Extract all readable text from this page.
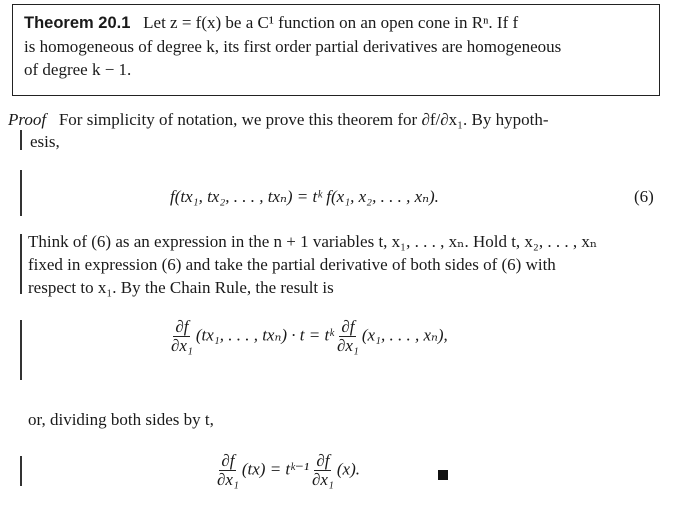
Theorem 20.1 Let z = f(x) be a C¹ function on an open cone in Rⁿ. If f
is homogeneous of degree k, its first order partial derivatives are homogeneous
of degree k − 1.
Proof For simplicity of notation, we prove this theorem for ∂f/∂x₁. By hypoth-
esis,
f(tx₁, tx₂, . . . , txₙ) = tᵏ f(x₁, x₂, . . . , xₙ).	(6)
Think of (6) as an expression in the n + 1 variables t, x₁, . . . , xₙ. Hold t, x₂, . . . , xₙ
fixed in expression (6) and take the partial derivative of both sides of (6) with
respect to x₁. By the Chain Rule, the result is
$\frac{\partial f}{\text{∂x₁}} (tx_1$, . . . , txₙ) · t = tᵏ $\frac{\partial f}{\text{∂x₁}} (x_1$, . . . , xₙ),
or, dividing both sides by t,
$\frac{\partial f}{\text{∂x₁}} (tx)$ = tᵏ⁻¹ $\frac{\partial f}{\text{∂x₁}} (x)$.
